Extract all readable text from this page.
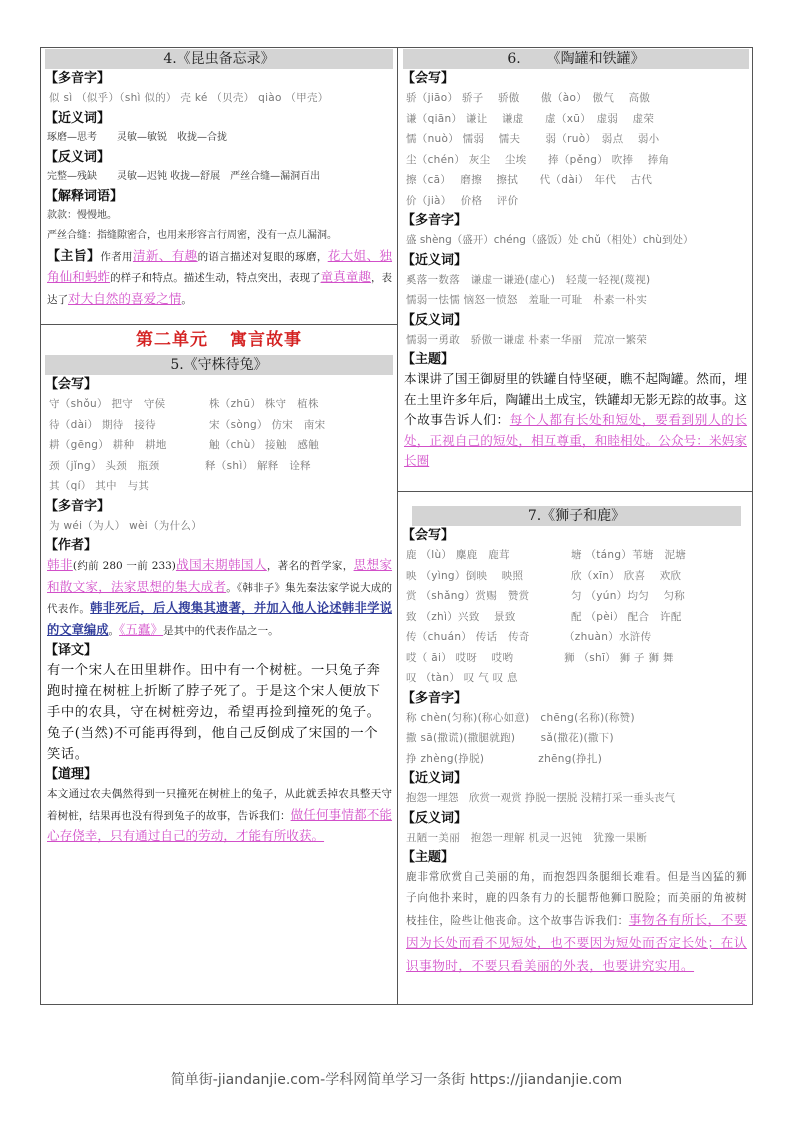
4.《昆虫备忘录》
【多音字】
似 sì （似乎）（shì 似的） 壳 ké （贝壳） qiào （甲壳）
【近义词】
琢磨—思考　　灵敏—敏锐　收拢—合拢
【反义词】
完整—残缺　　灵敏—迟钝 收拢—舒展　严丝合缝—漏洞百出
【解释词语】
款款：慢慢地。
严丝合缝：指缝隙密合，也用来形容言行周密，没有一点儿漏洞。
【主旨】作者用清新、有趣的语言描述对复眼的琢磨，花大姐、独角仙和蚂蚱的样子和特点。描述生动，特点突出，表现了童真童趣，表达了对大自然的喜爱之情。
第二单元 寓言故事
5.《守株待兔》
【会写】
守（shǒu） 把守　守侯	株（zhū） 株守　植株
待（dài） 期待　接待	宋（sòng） 仿宋　南宋
耕（gēng） 耕种　耕地	触（chù） 接触　感触
颈（jǐng） 头颈　瓶颈	释（shì） 解释　诠释
其（qí） 其中　与其
【多音字】
为 wéi（为人） wèi（为什么）
【作者】
韩非(约前 280 一前 233)战国末期韩国人，著名的哲学家，思想家和散文家，法家思想的集大成者。《韩非子》集先秦法家学说大成的代表作。韩非死后，后人搜集其遗著，并加入他人论述韩非学说的文章编成。《五蠹》是其中的代表作品之一。
【译文】
有一个宋人在田里耕作。田中有一个树桩。一只兔子奔跑时撞在树桩上折断了脖子死了。于是这个宋人便放下手中的农具，守在树桩旁边，希望再捡到撞死的兔子。兔子(当然)不可能再得到，他自己反倒成了宋国的一个笑话。
【道理】
本文通过农夫偶然得到一只撞死在树桩上的兔子，从此就丢掉农具整天守着树桩，结果再也没有得到兔子的故事，告诉我们：做任何事情都不能心存侥幸，只有通过自己的劳动，才能有所收获。
6. 《陶罐和铁罐》
【会写】
骄（jiāo） 骄子　 骄傲　　傲（ào）　傲气　 高傲
谦（qiān） 谦让　 谦虚　　虚（xū）　虚弱　 虚荣
懦（nuò） 懦弱　 懦夫　　 弱（ruò）　弱点　 弱小
尘（chén） 灰尘　 尘埃　　捧（pěng） 吹捧　 捧角
擦（cā）　 磨擦　 擦拭　　代（dài）　年代　 古代
价（jià）　 价格　 评价
【多音字】
盛 shèng（盛开）chéng（盛饭）处 chǔ（相处）chù到处）
【近义词】
奚落一数落　谦虚一谦逊(虚心)　轻蔑一轻视(蔑视)
懦弱一怯懦 恼怒一愤怒　羞耻一可耻　朴素一朴实
【反义词】
懦弱一勇敢　骄傲一谦虚 朴素一华丽　荒凉一繁荣
【主题】
本课讲了国王御厨里的铁罐自恃坚硬，瞧不起陶罐。然而，埋在土里许多年后，陶罐出土成宝，铁罐却无影无踪的故事。这个故事告诉人们：每个人都有长处和短处，要看到别人的长处，正视自己的短处，相互尊重，和睦相处。公众号：米妈家长圈
7.《狮子和鹿》
【会写】
鹿 （lù） 麋鹿　鹿茸	塘 （táng）苇塘　泥塘
映 （yìng）倒映　 映照	欣（xīn） 欣喜　 欢欣
赏 （shǎng）赏赐　赞赏	匀 （yún）均匀　 匀称
致 （zhì）兴致　 景致	配 （pèi） 配合　许配
传（chuán） 传话　传奇	（zhuàn）水浒传
哎（ āi） 哎呀　 哎哟	狮 （shī） 狮 子 狮 舞
叹 （tàn） 叹 气 叹 息
【多音字】
称 chèn(匀称)(称心如意)　chēng(名称)(称赞)
撒 sā(撒谎)(撒腿就跑)　　 sǎ(撒花)(撒下)
挣 zhèng(挣脱)　　　　　zhēng(挣扎)
【近义词】
抱怨一埋怨　欣赏一观赏 挣脱一摆脱 没精打采一垂头丧气
【反义词】
丑陋一美丽　抱怨一理解 机灵一迟钝　犹豫一果断
【主题】
鹿非常欣赏自己美丽的角，而抱怨四条腿细长难看。但是当凶猛的狮子向他扑来时，鹿的四条有力的长腿帮他狮口脱险；而美丽的角被树枝挂住，险些让他丧命。这个故事告诉我们：事物各有所长，不要因为长处而看不见短处，也不要因为短处而否定长处；在认识事物时，不要只看美丽的外表，也要讲究实用。
简单街-jiandanjie.com-学科网简单学习一条街 https://jiandanjie.com
